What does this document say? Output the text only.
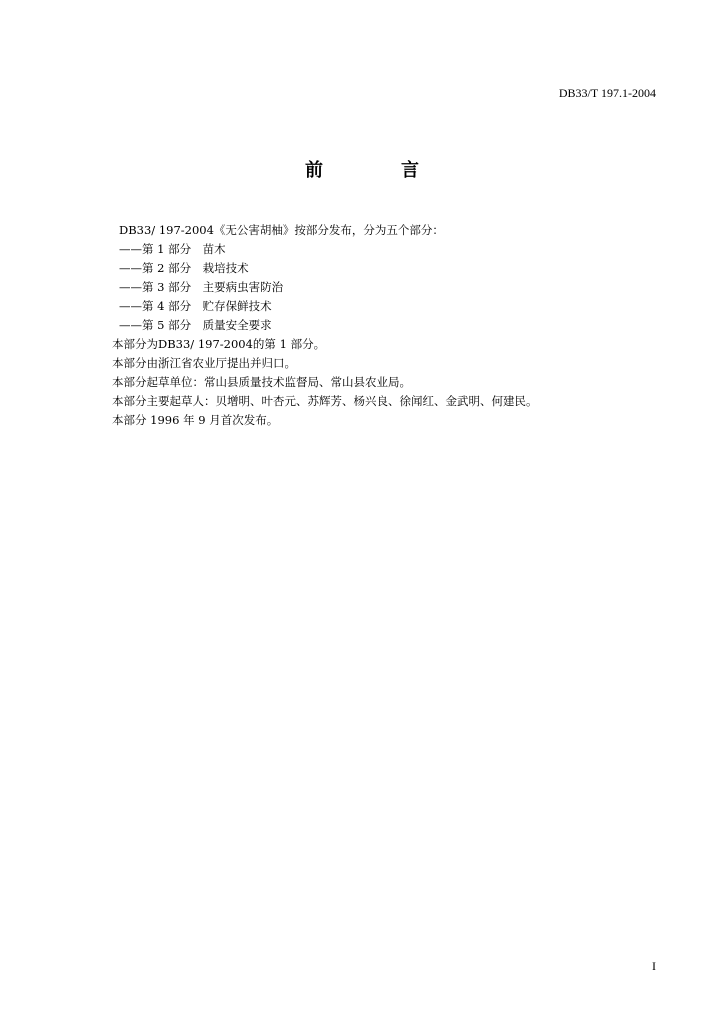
DB33/T 197.1-2004
前　言
DB33/ 197-2004《无公害胡柚》按部分发布，分为五个部分：
——第 1 部分　苗木
——第 2 部分　栽培技术
——第 3 部分　主要病虫害防治
——第 4 部分　贮存保鲜技术
——第 5 部分　质量安全要求
本部分为DB33/ 197-2004的第 1 部分。
本部分由浙江省农业厅提出并归口。
本部分起草单位：常山县质量技术监督局、常山县农业局。
本部分主要起草人：贝增明、叶杏元、苏辉芳、杨兴良、徐闻红、金武明、何建民。
本部分 1996 年 9 月首次发布。
I
